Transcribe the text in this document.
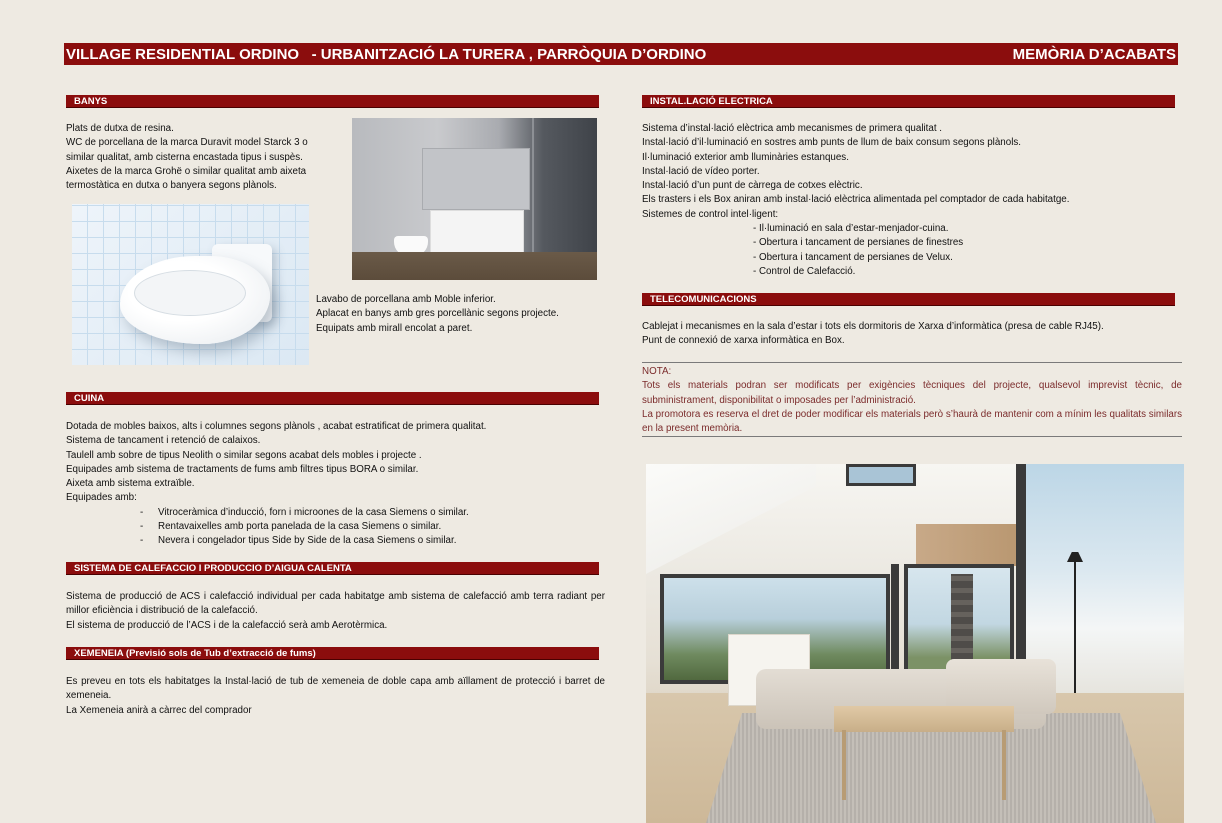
VILLAGE RESIDENTIAL ORDINO   - URBANITZACIÓ LA TURERA , PARRÒQUIA D’ORDINO	MEMÒRIA D’ACABATS
BANYS

Plats de dutxa de resina.

WC de porcellana de la marca Duravit model Starck 3 o

similar qualitat, amb cisterna encastada tipus i suspès.

Aixetes de la marca Grohë o similar qualitat amb aixeta

termostàtica en dutxa o banyera segons plànols.

Lavabo de porcellana amb Moble inferior.

Aplacat en banys amb gres porcellànic segons projecte.

Equipats amb mirall encolat a paret.

CUINA

Dotada de mobles baixos, alts i columnes segons plànols , acabat estratificat de primera qualitat.

Sistema de tancament i retenció de calaixos.

Taulell amb sobre de tipus Neolith o similar segons acabat dels mobles i projecte .

Equipades amb sistema de tractaments de fums amb filtres tipus BORA o similar.

Aixeta amb sistema extraïble.

Equipades amb:

-	Vitroceràmica d’inducció, forn i microones de la casa Siemens o similar.
-	Rentavaixelles amb porta panelada de la casa Siemens o similar.
-	Nevera i congelador tipus Side by Side de la casa Siemens o similar.
SISTEMA DE CALEFACCIO I PRODUCCIO D’AIGUA CALENTA

Sistema de producció de ACS i calefacció individual per cada habitatge amb sistema de calefacció amb terra radiant per millor eficiència i distribució de la calefacció.

El sistema de producció de l’ACS i de la calefacció serà amb Aerotèrmica.

XEMENEIA (Previsió sols de Tub d’extracció de fums)

Es preveu en tots els habitatges la Instal·lació de tub de xemeneia de doble capa amb aïllament de protecció i barret de xemeneia.

La Xemeneia anirà a càrrec del comprador

INSTAL.LACIÓ ELECTRICA

Sistema d’instal·lació elèctrica amb mecanismes de primera qualitat .

Instal·lació d’il·luminació en sostres amb punts de llum de baix consum segons plànols.

Il·luminació exterior amb lluminàries estanques.

Instal·lació de vídeo porter.

Instal·lació d’un punt de càrrega de cotxes elèctric.

Els trasters i els Box aniran amb instal·lació elèctrica alimentada pel comptador de cada habitatge.

Sistemes de control intel·ligent:

- Il·luminació en sala d’estar-menjador-cuina.

- Obertura i tancament de persianes de finestres

- Obertura i tancament de persianes de Velux.

- Control de Calefacció.

TELECOMUNICACIONS

Cablejat i mecanismes en la sala d’estar i tots els dormitoris de Xarxa d’informàtica (presa de cable RJ45).

Punt de connexió de xarxa informàtica en Box.

NOTA:
Tots els materials podran ser modificats per exigències tècniques del projecte, qualsevol imprevist tècnic, de subministrament, disponibilitat o imposades per l’administració.
La promotora es reserva el dret de poder modificar els materials però s’haurà de mantenir com a mínim les qualitats similars en la present memòria.
